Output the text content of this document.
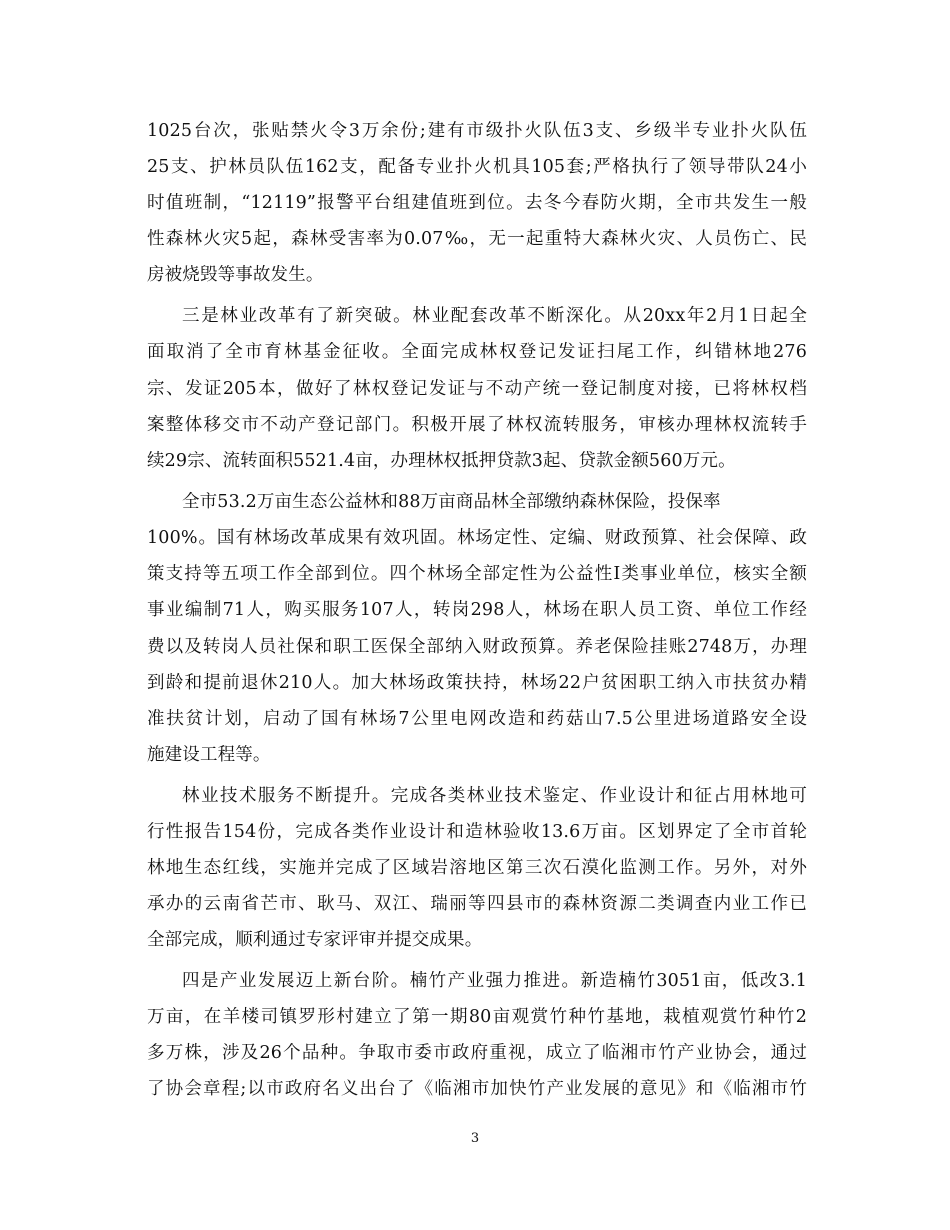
1025台次，张贴禁火令3万余份;建有市级扑火队伍3支、乡级半专业扑火队伍
25支、护林员队伍162支，配备专业扑火机具105套;严格执行了领导带队24小
时值班制，“12119”报警平台组建值班到位。去冬今春防火期，全市共发生一般
性森林火灾5起，森林受害率为0.07‰，无一起重特大森林火灾、人员伤亡、民
房被烧毁等事故发生。
三是林业改革有了新突破。林业配套改革不断深化。从20xx年2月1日起全
面取消了全市育林基金征收。全面完成林权登记发证扫尾工作，纠错林地276
宗、发证205本，做好了林权登记发证与不动产统一登记制度对接，已将林权档
案整体移交市不动产登记部门。积极开展了林权流转服务，审核办理林权流转手
续29宗、流转面积5521.4亩，办理林权抵押贷款3起、贷款金额560万元。
全市53.2万亩生态公益林和88万亩商品林全部缴纳森林保险，投保率
100%。国有林场改革成果有效巩固。林场定性、定编、财政预算、社会保障、政
策支持等五项工作全部到位。四个林场全部定性为公益性I类事业单位，核实全额
事业编制71人，购买服务107人，转岗298人，林场在职人员工资、单位工作经
费以及转岗人员社保和职工医保全部纳入财政预算。养老保险挂账2748万，办理
到龄和提前退休210人。加大林场政策扶持，林场22户贫困职工纳入市扶贫办精
准扶贫计划，启动了国有林场7公里电网改造和药菇山7.5公里进场道路安全设
施建设工程等。
林业技术服务不断提升。完成各类林业技术鉴定、作业设计和征占用林地可
行性报告154份，完成各类作业设计和造林验收13.6万亩。区划界定了全市首轮
林地生态红线，实施并完成了区域岩溶地区第三次石漠化监测工作。另外，对外
承办的云南省芒市、耿马、双江、瑞丽等四县市的森林资源二类调查内业工作已
全部完成，顺利通过专家评审并提交成果。
四是产业发展迈上新台阶。楠竹产业强力推进。新造楠竹3051亩，低改3.1
万亩，在羊楼司镇罗形村建立了第一期80亩观赏竹种竹基地，栽植观赏竹种竹2
多万株，涉及26个品种。争取市委市政府重视，成立了临湘市竹产业协会，通过
了协会章程;以市政府名义出台了《临湘市加快竹产业发展的意见》和《临湘市竹
3
